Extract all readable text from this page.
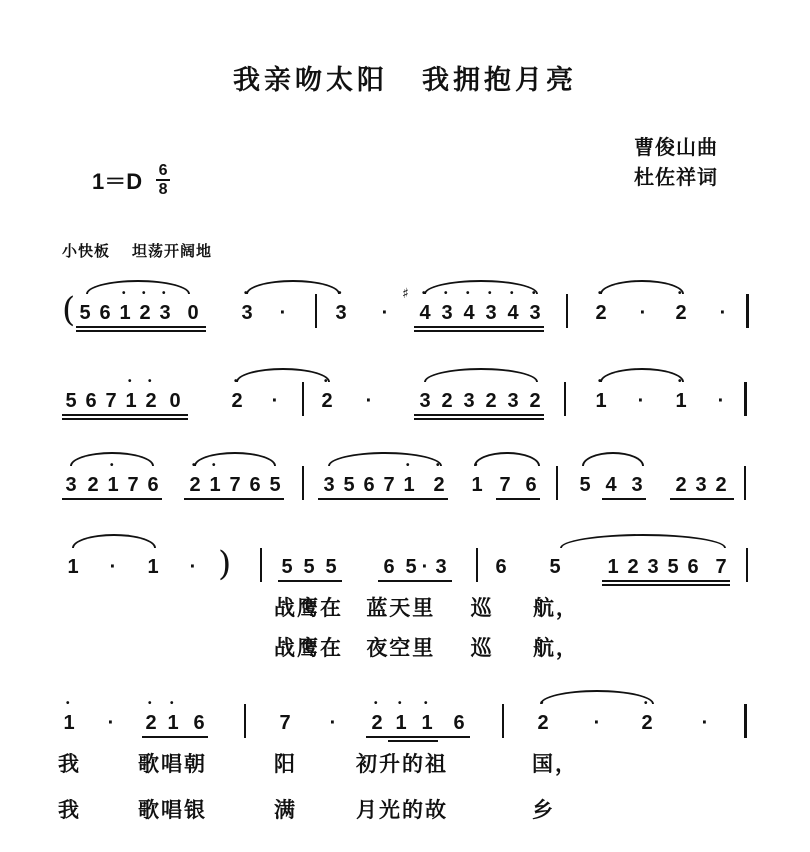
我亲吻太阳 我拥抱月亮
曹俊山曲
杜佐祥词
1＝D 6
8
小快板 坦荡开阔地
( 5 6 • 1 • 2 • 3 0 • 3 · • 3 ·
♯
• 4 • 3 • 4 • 3 • 4 • 3	• 2 · • 2 ·
5 6 7 • 1 • 2 0	• 2 · • 2 · 3 2 3 2 3 2	• 1 · • 1 ·
3 2 • 1 7 6 • 2 • 1 7 6 5 3 5 6 7 • 1 • 2 • 1 7 6 5 4 3 2 3 2
1 · 1 · )	5 5 5 6 5 · 3 6 5 1 2 3 5 6 7
战鹰在 蓝天里 巡 航，
战鹰在 夜空里 巡 航，
• 1 · • 2 • 1 6	7 · • 2 • 1 • 1 6	• 2 · • 2 ·
我	歌唱朝	阳	初升的祖	国，
我	歌唱银	满	月光的故	乡
